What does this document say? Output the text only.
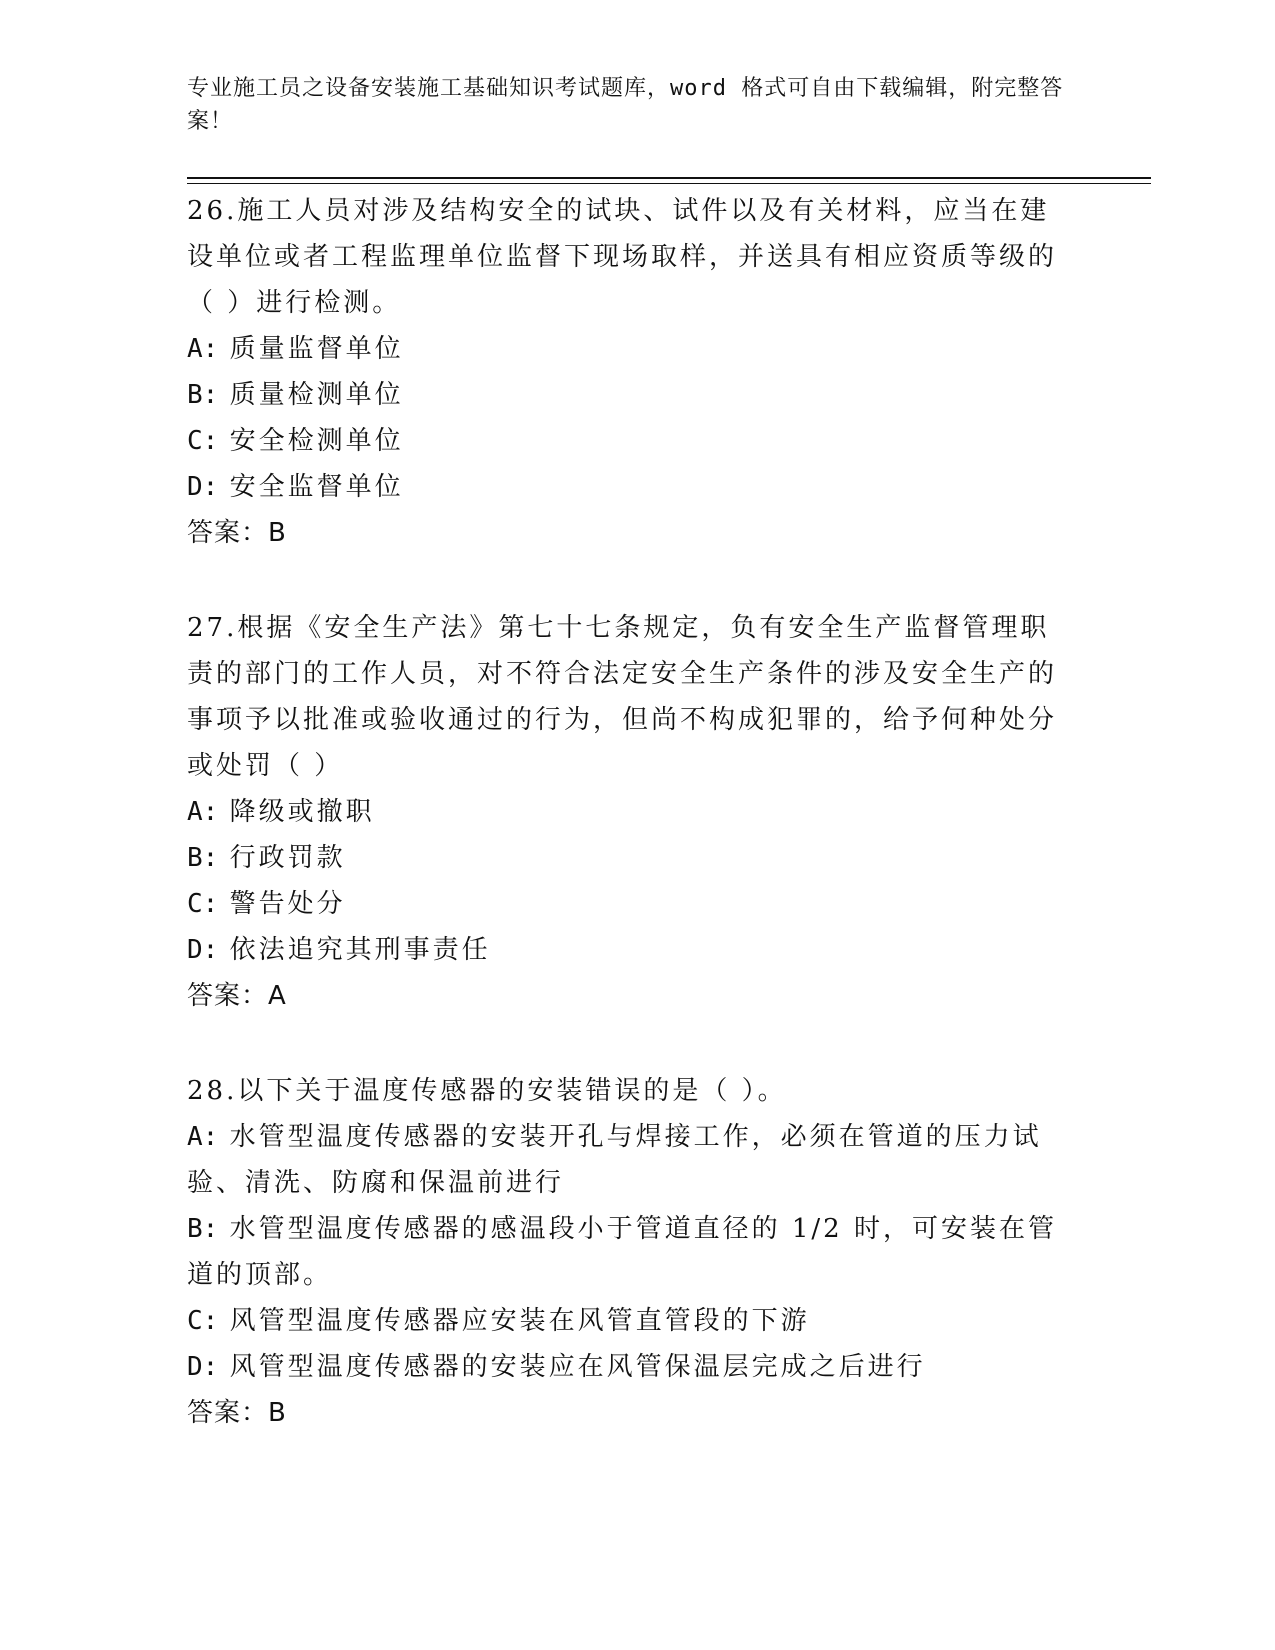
专业施工员之设备安装施工基础知识考试题库，word 格式可自由下载编辑，附完整答案！

26.施工人员对涉及结构安全的试块、试件以及有关材料，应当在建设单位或者工程监理单位监督下现场取样，并送具有相应资质等级的（ ）进行检测。

A: 质量监督单位

B: 质量检测单位

C: 安全检测单位

D: 安全监督单位

答案：B

27.根据《安全生产法》第七十七条规定，负有安全生产监督管理职责的部门的工作人员，对不符合法定安全生产条件的涉及安全生产的事项予以批准或验收通过的行为，但尚不构成犯罪的，给予何种处分或处罚（ ）

A: 降级或撤职

B: 行政罚款

C: 警告处分

D: 依法追究其刑事责任

答案：A

28.以下关于温度传感器的安装错误的是（ ）。

A: 水管型温度传感器的安装开孔与焊接工作，必须在管道的压力试验、清洗、防腐和保温前进行

B: 水管型温度传感器的感温段小于管道直径的 1/2 时，可安装在管道的顶部。

C: 风管型温度传感器应安装在风管直管段的下游

D: 风管型温度传感器的安装应在风管保温层完成之后进行

答案：B
